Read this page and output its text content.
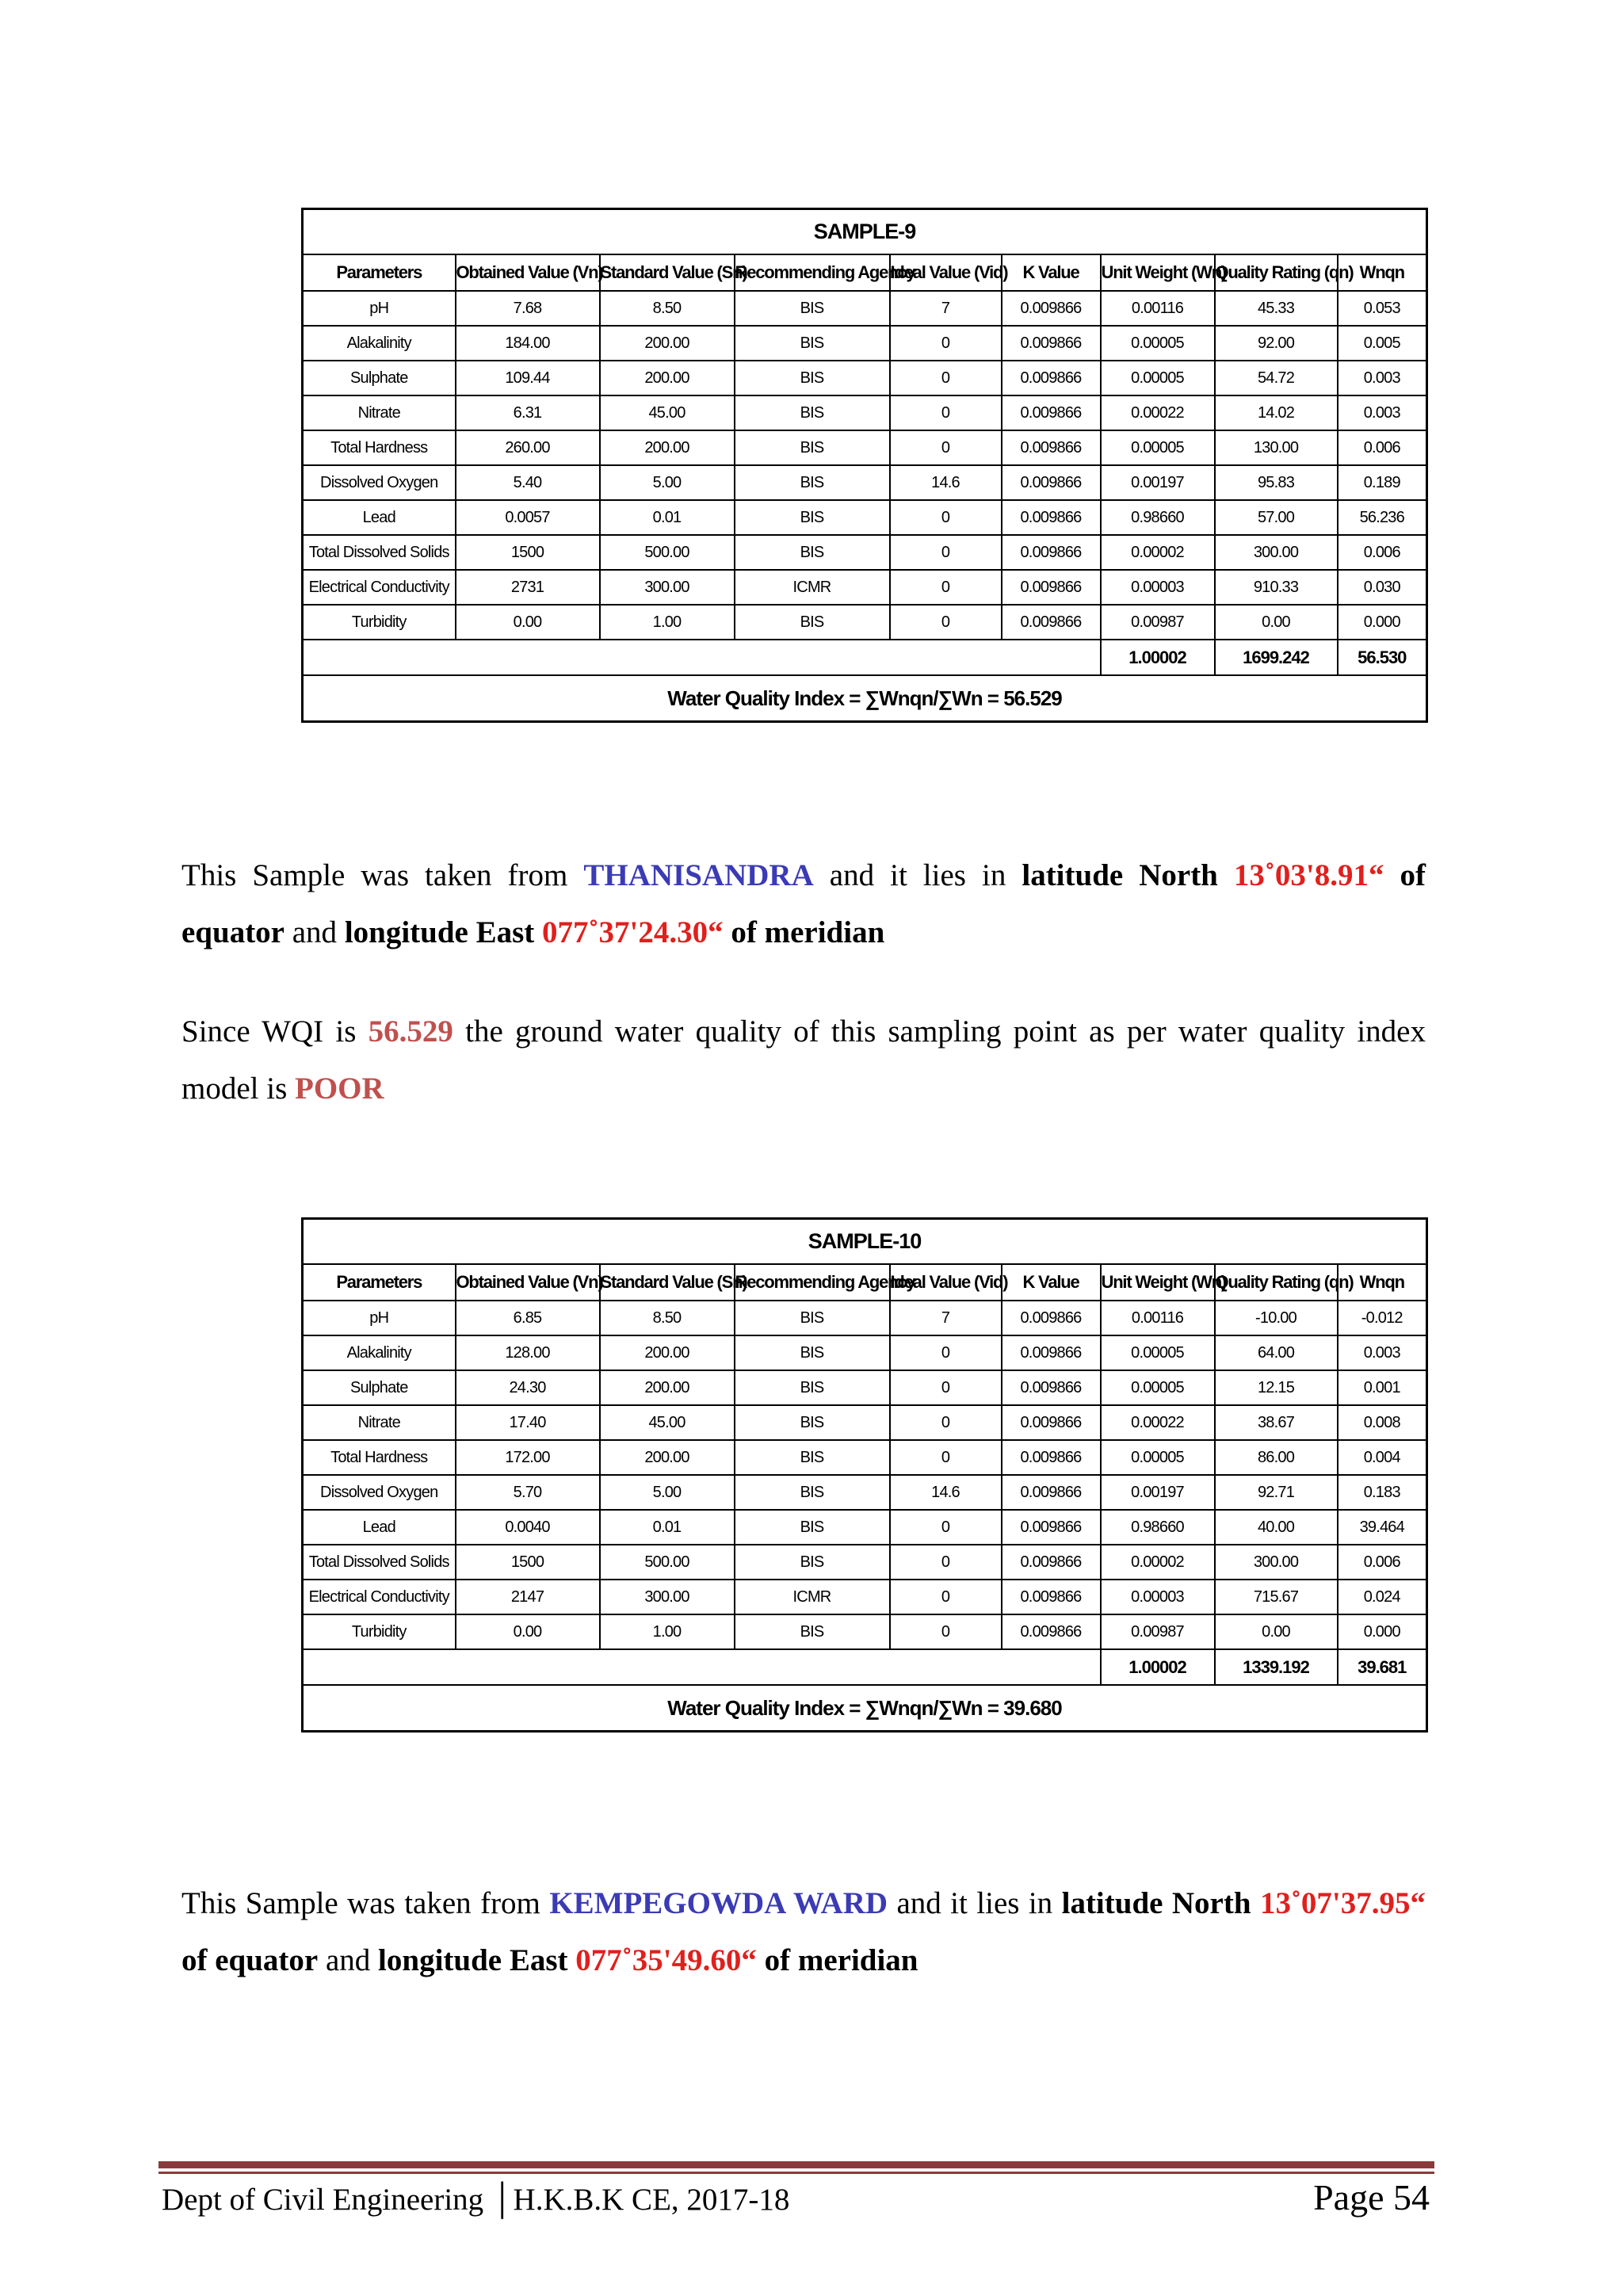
SAMPLE-9								
Parameters	Obtained Value (Vn)	Standard Value (Sn)	Recommending Agency	Ideal Value (Vid)	K Value	Unit Weight (Wn)	Quality Rating (qn)	Wnqn
pH	7.68	8.50	BIS	7	0.009866	0.00116	45.33	0.053
Alakalinity	184.00	200.00	BIS	0	0.009866	0.00005	92.00	0.005
Sulphate	109.44	200.00	BIS	0	0.009866	0.00005	54.72	0.003
Nitrate	6.31	45.00	BIS	0	0.009866	0.00022	14.02	0.003
Total Hardness	260.00	200.00	BIS	0	0.009866	0.00005	130.00	0.006
Dissolved Oxygen	5.40	5.00	BIS	14.6	0.009866	0.00197	95.83	0.189
Lead	0.0057	0.01	BIS	0	0.009866	0.98660	57.00	56.236
Total Dissolved Solids	1500	500.00	BIS	0	0.009866	0.00002	300.00	0.006
Electrical Conductivity	2731	300.00	ICMR	0	0.009866	0.00003	910.33	0.030
Turbidity	0.00	1.00	BIS	0	0.009866	0.00987	0.00	0.000
						1.00002	1699.242	56.530
Water Quality Index = ∑Wnqn/∑Wn = 56.529								

This Sample was taken from THANISANDRA and it lies in latitude North 13˚03'8.91“ of equator and longitude East 077˚37'24.30“ of meridian

Since WQI is 56.529 the ground water quality of this sampling point as per water quality index model is POOR

SAMPLE-10								
Parameters	Obtained Value (Vn)	Standard Value (Sn)	Recommending Agency	Ideal Value (Vid)	K Value	Unit Weight (Wn)	Quality Rating (qn)	Wnqn
pH	6.85	8.50	BIS	7	0.009866	0.00116	-10.00	-0.012
Alakalinity	128.00	200.00	BIS	0	0.009866	0.00005	64.00	0.003
Sulphate	24.30	200.00	BIS	0	0.009866	0.00005	12.15	0.001
Nitrate	17.40	45.00	BIS	0	0.009866	0.00022	38.67	0.008
Total Hardness	172.00	200.00	BIS	0	0.009866	0.00005	86.00	0.004
Dissolved Oxygen	5.70	5.00	BIS	14.6	0.009866	0.00197	92.71	0.183
Lead	0.0040	0.01	BIS	0	0.009866	0.98660	40.00	39.464
Total Dissolved Solids	1500	500.00	BIS	0	0.009866	0.00002	300.00	0.006
Electrical Conductivity	2147	300.00	ICMR	0	0.009866	0.00003	715.67	0.024
Turbidity	0.00	1.00	BIS	0	0.009866	0.00987	0.00	0.000
						1.00002	1339.192	39.681
Water Quality Index = ∑Wnqn/∑Wn = 39.680								

This Sample was taken from KEMPEGOWDA WARD and it lies in latitude North 13˚07'37.95“ of equator and longitude East 077˚35'49.60“ of meridian

Dept of Civil Engineering │H.K.B.K CE, 2017-18	Page 54
